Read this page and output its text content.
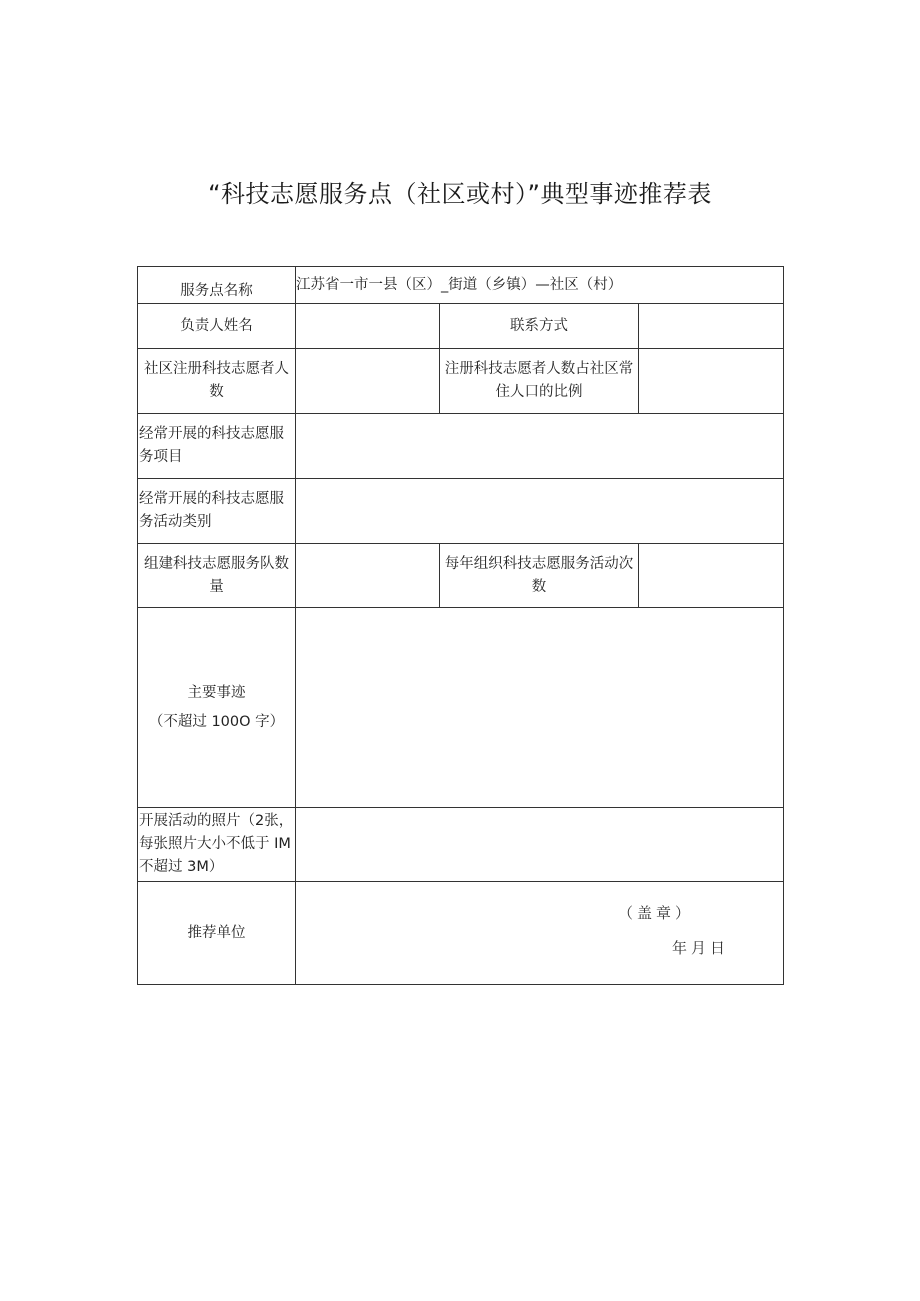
“科技志愿服务点（社区或村）”典型事迹推荐表
服务点名称	江苏省一市一县（区）_街道（乡镇）—社区（村）		
负责人姓名		联系方式	
社区注册科技志愿者人数		注册科技志愿者人数占社区常住人口的比例	
经常开展的科技志愿服务项目			
经常开展的科技志愿服务活动类别			
组建科技志愿服务队数量		每年组织科技志愿服务活动次数	
主要事迹
（不超过 100O 字）			

开展活动的照片（2张，每张照片大小不低于 IM 不超过 3M）			
推荐单位	（盖章）
年月日		
